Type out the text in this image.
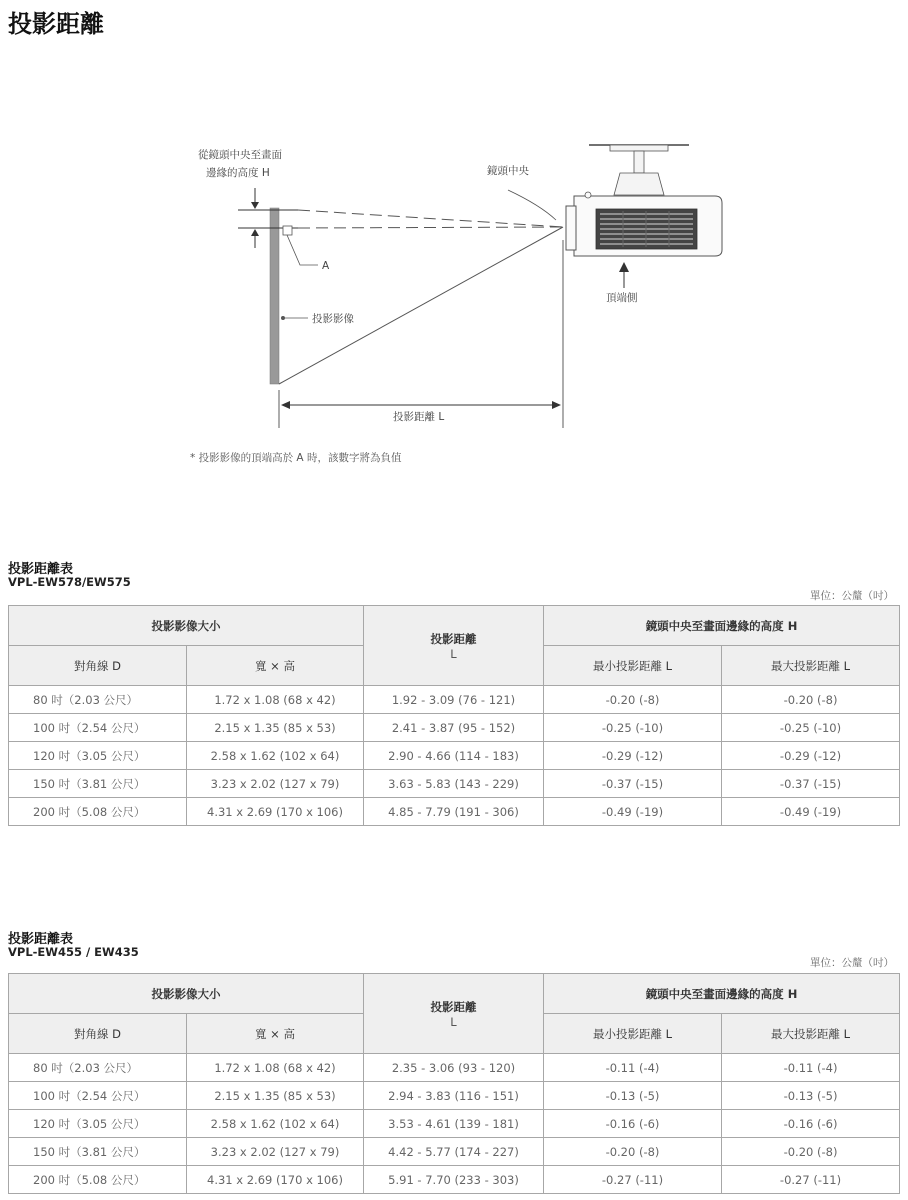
投影距離
從鏡頭中央至畫面
邊緣的高度 H	鏡頭中央
A
投影影像
頂端側
投影距離 L
* 投影影像的頂端高於 A 時，該數字將為負值
投影距離表
VPL-EW578/EW575
單位：公釐（吋）
投影影像大小		投影距離
L	鏡頭中央至畫面邊緣的高度 H	
對角線 D	寬 × 高		最小投影距離 L	最大投影距離 L
80 吋（2.03 公尺）	1.72 x 1.08 (68 x 42)	1.92 - 3.09 (76 - 121)	-0.20 (-8)	-0.20 (-8)
100 吋（2.54 公尺）	2.15 x 1.35 (85 x 53)	2.41 - 3.87 (95 - 152)	-0.25 (-10)	-0.25 (-10)
120 吋（3.05 公尺）	2.58 x 1.62 (102 x 64)	2.90 - 4.66 (114 - 183)	-0.29 (-12)	-0.29 (-12)
150 吋（3.81 公尺）	3.23 x 2.02 (127 x 79)	3.63 - 5.83 (143 - 229)	-0.37 (-15)	-0.37 (-15)
200 吋（5.08 公尺）	4.31 x 2.69 (170 x 106)	4.85 - 7.79 (191 - 306)	-0.49 (-19)	-0.49 (-19)
投影距離表
VPL-EW455 / EW435
單位：公釐（吋）
投影影像大小		投影距離
L	鏡頭中央至畫面邊緣的高度 H	
對角線 D	寬 × 高		最小投影距離 L	最大投影距離 L
80 吋（2.03 公尺）	1.72 x 1.08 (68 x 42)	2.35 - 3.06 (93 - 120)	-0.11 (-4)	-0.11 (-4)
100 吋（2.54 公尺）	2.15 x 1.35 (85 x 53)	2.94 - 3.83 (116 - 151)	-0.13 (-5)	-0.13 (-5)
120 吋（3.05 公尺）	2.58 x 1.62 (102 x 64)	3.53 - 4.61 (139 - 181)	-0.16 (-6)	-0.16 (-6)
150 吋（3.81 公尺）	3.23 x 2.02 (127 x 79)	4.42 - 5.77 (174 - 227)	-0.20 (-8)	-0.20 (-8)
200 吋（5.08 公尺）	4.31 x 2.69 (170 x 106)	5.91 - 7.70 (233 - 303)	-0.27 (-11)	-0.27 (-11)
